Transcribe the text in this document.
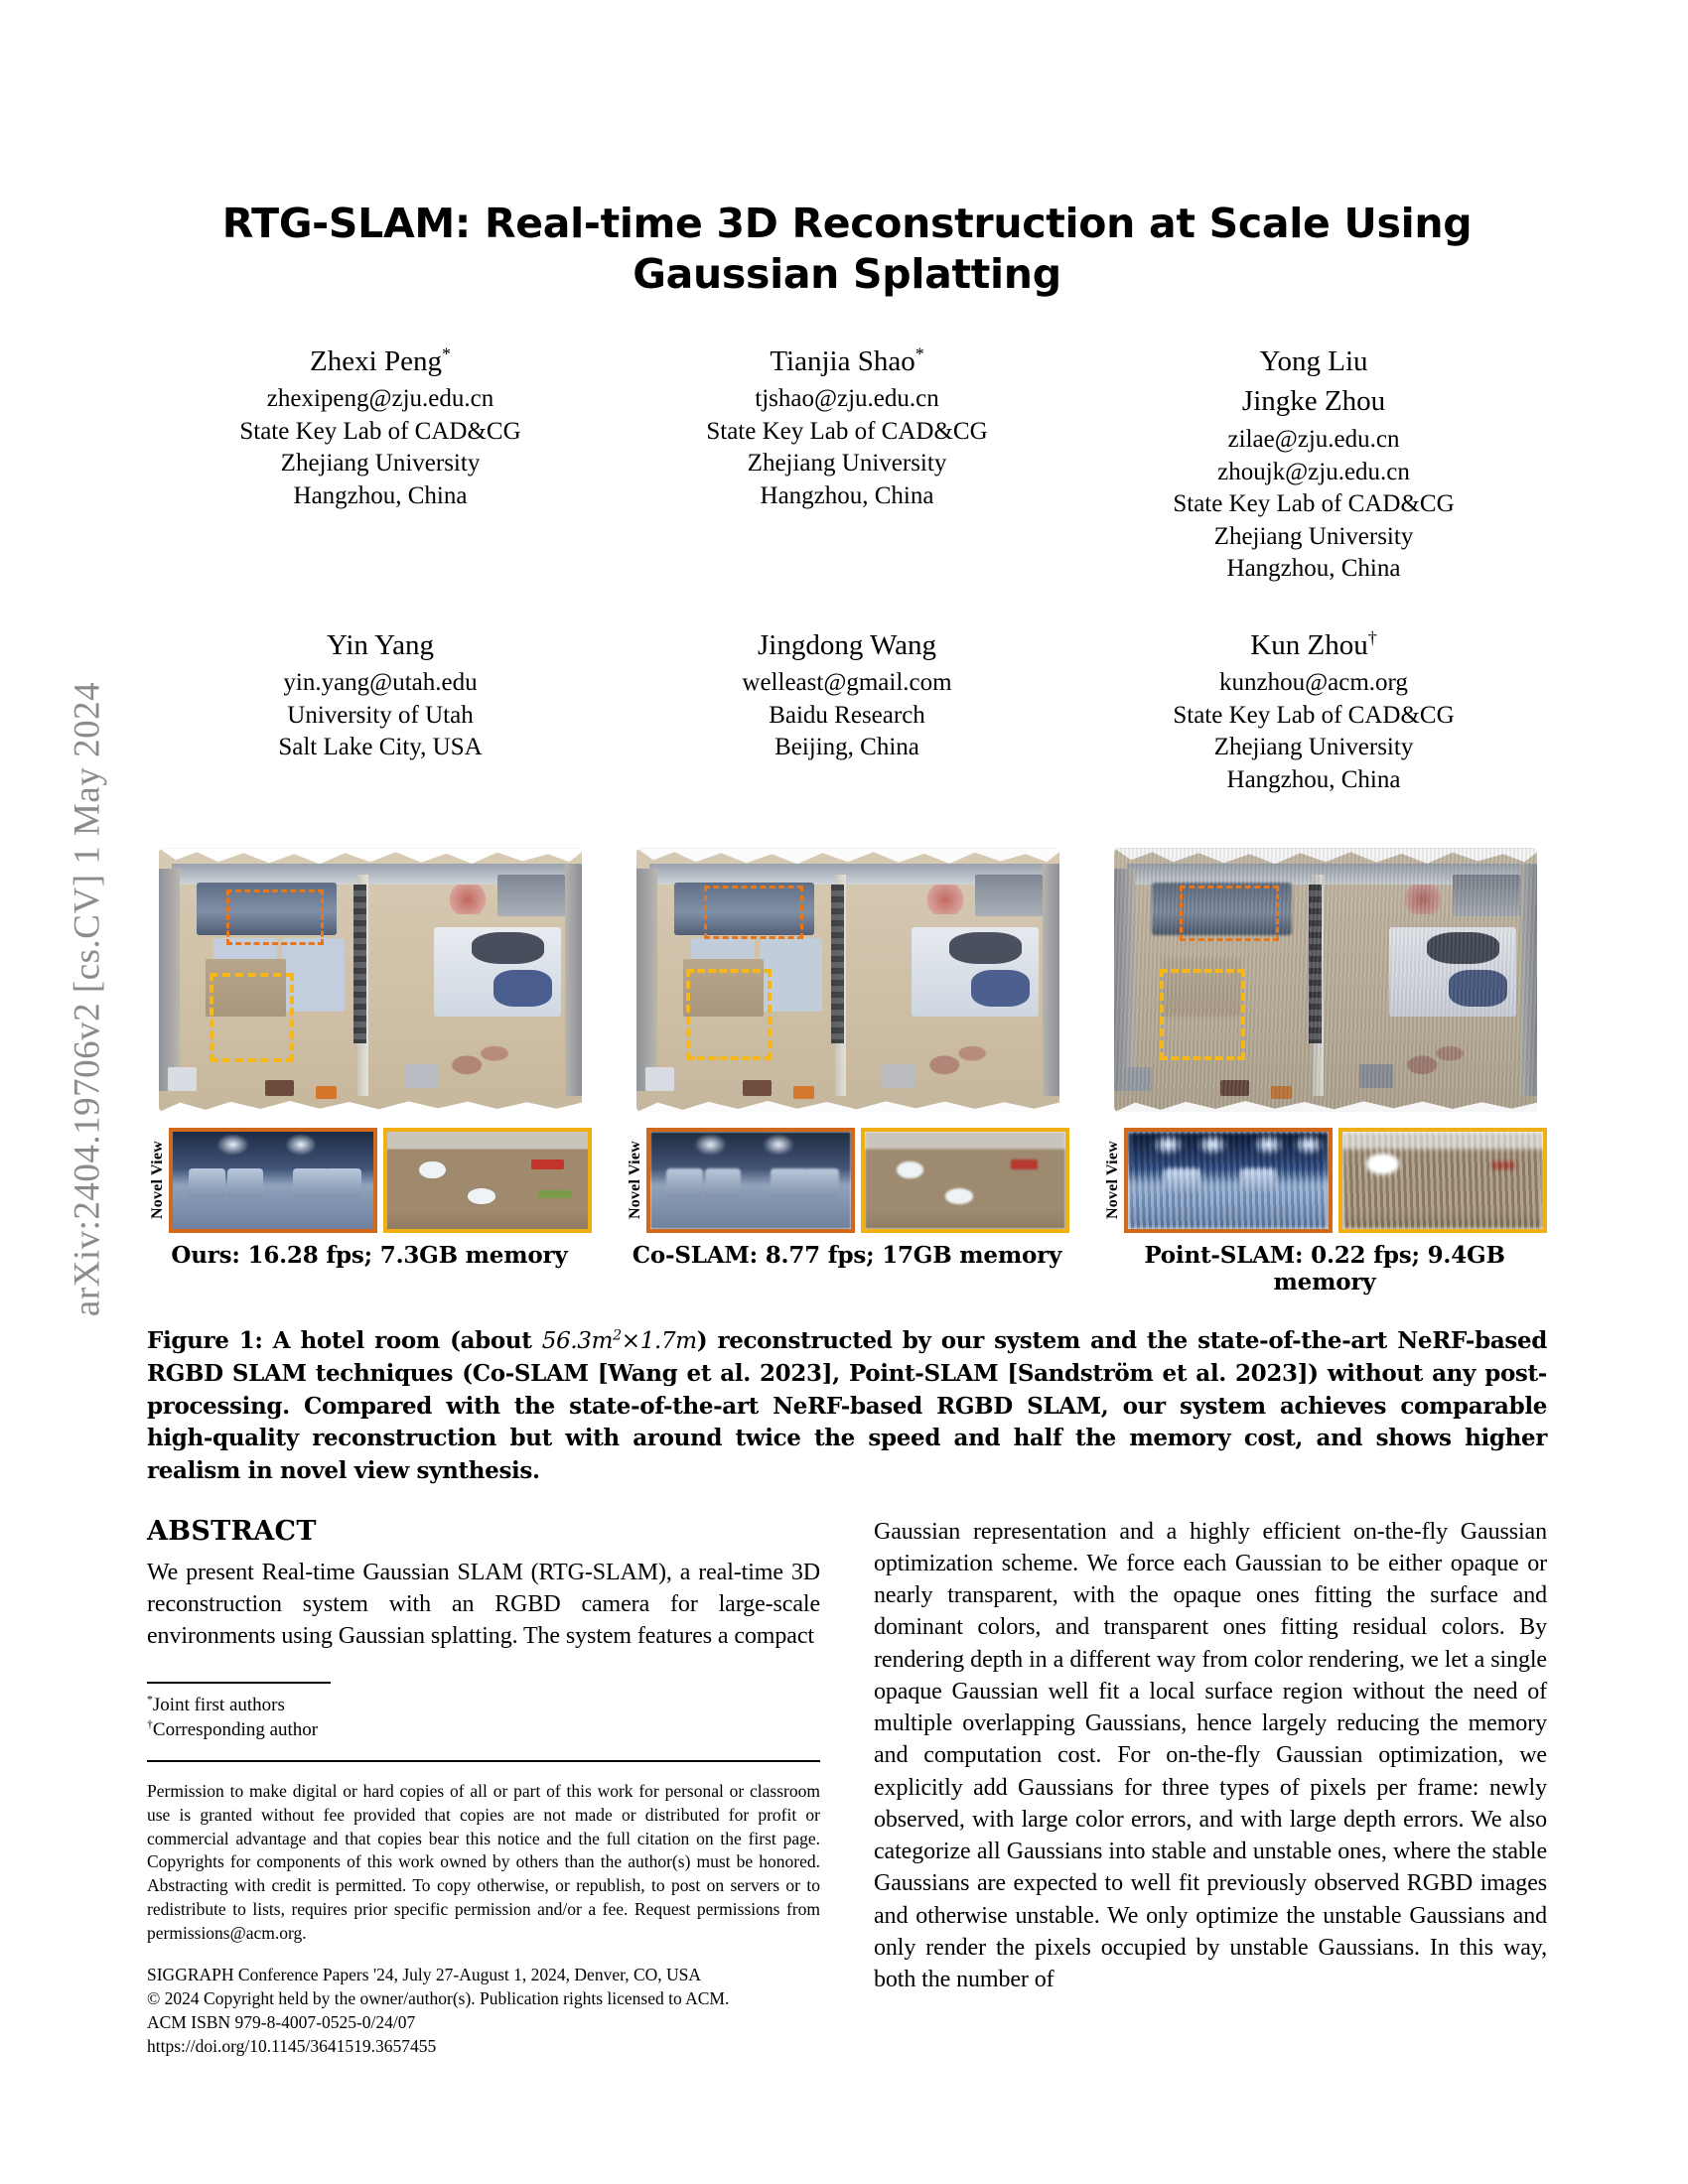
arXiv:2404.19706v2 [cs.CV] 1 May 2024
RTG-SLAM: Real-time 3D Reconstruction at Scale Using Gaussian Splatting
Zhexi Peng*
zhexipeng@zju.edu.cn
State Key Lab of CAD&CG
Zhejiang University
Hangzhou, China
Tianjia Shao*
tjshao@zju.edu.cn
State Key Lab of CAD&CG
Zhejiang University
Hangzhou, China
Yong Liu
Jingke Zhou
zilae@zju.edu.cn
zhoujk@zju.edu.cn
State Key Lab of CAD&CG
Zhejiang University
Hangzhou, China
Yin Yang
yin.yang@utah.edu
University of Utah
Salt Lake City, USA
Jingdong Wang
welleast@gmail.com
Baidu Research
Beijing, China
Kun Zhou†
kunzhou@acm.org
State Key Lab of CAD&CG
Zhejiang University
Hangzhou, China
Novel View
Ours: 16.28 fps; 7.3GB memory
Novel View
Co-SLAM: 8.77 fps; 17GB memory
Novel View
Point-SLAM: 0.22 fps; 9.4GB memory
Figure 1: A hotel room (about $56.3m^2\times 1.7m$) reconstructed by our system and the state-of-the-art NeRF-based RGBD SLAM techniques (Co-SLAM [Wang et al. 2023], Point-SLAM [Sandström et al. 2023]) without any post-processing. Compared with the state-of-the-art NeRF-based RGBD SLAM, our system achieves comparable high-quality reconstruction but with around twice the speed and half the memory cost, and shows higher realism in novel view synthesis.
ABSTRACT

We present Real-time Gaussian SLAM (RTG-SLAM), a real-time 3D reconstruction system with an RGBD camera for large-scale environments using Gaussian splatting. The system features a compact

*Joint first authors
†Corresponding author

Permission to make digital or hard copies of all or part of this work for personal or classroom use is granted without fee provided that copies are not made or distributed for profit or commercial advantage and that copies bear this notice and the full citation on the first page. Copyrights for components of this work owned by others than the author(s) must be honored. Abstracting with credit is permitted. To copy otherwise, or republish, to post on servers or to redistribute to lists, requires prior specific permission and/or a fee. Request permissions from permissions@acm.org.

SIGGRAPH Conference Papers '24, July 27-August 1, 2024, Denver, CO, USA
© 2024 Copyright held by the owner/author(s). Publication rights licensed to ACM.
ACM ISBN 979-8-4007-0525-0/24/07
https://doi.org/10.1145/3641519.3657455

Gaussian representation and a highly efficient on-the-fly Gaussian optimization scheme. We force each Gaussian to be either opaque or nearly transparent, with the opaque ones fitting the surface and dominant colors, and transparent ones fitting residual colors. By rendering depth in a different way from color rendering, we let a single opaque Gaussian well fit a local surface region without the need of multiple overlapping Gaussians, hence largely reducing the memory and computation cost. For on-the-fly Gaussian optimization, we explicitly add Gaussians for three types of pixels per frame: newly observed, with large color errors, and with large depth errors. We also categorize all Gaussians into stable and unstable ones, where the stable Gaussians are expected to well fit previously observed RGBD images and otherwise unstable. We only optimize the unstable Gaussians and only render the pixels occupied by unstable Gaussians. In this way, both the number of
